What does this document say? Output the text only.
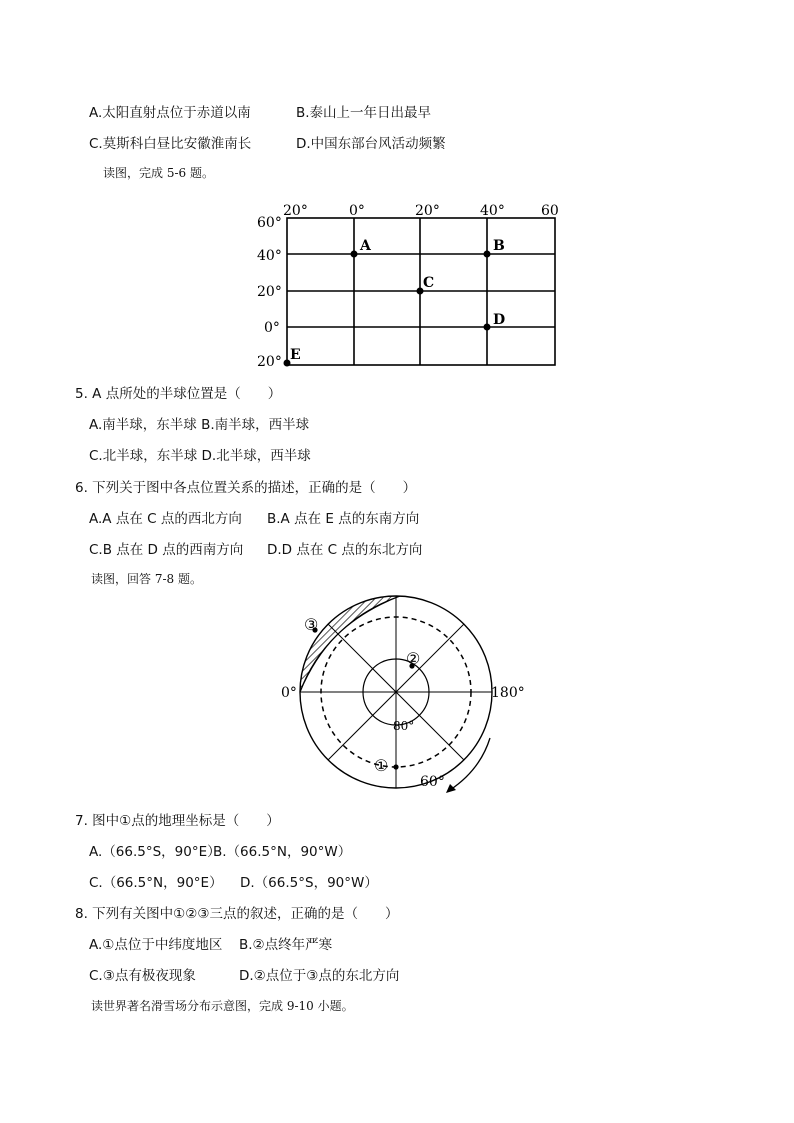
A.太阳直射点位于赤道以南	B.泰山上一年日出最早
C.莫斯科白昼比安徽淮南长	D.中国东部台风活动频繁
读图，完成 5-6 题。
20°	0°	20°	40°	60
60°
40°
20°
0°
20°
A	B
C
D
E
5. A 点所处的半球位置是（　　）
A.南半球，东半球 B.南半球，西半球
C.北半球，东半球 D.北半球，西半球
6. 下列关于图中各点位置关系的描述，正确的是（　　）
A.A 点在 C 点的西北方向 B.A 点在 E 点的东南方向
C.B 点在 D 点的西南方向 D.D 点在 C 点的东北方向
读图，回答 7-8 题。
0°	180°
80°
60°
①
②
③
7. 图中①点的地理坐标是（　　）
A.（66.5°S，90°E）
B.（66.5°N，90°W）
C.（66.5°N，90°E） D.（66.5°S，90°W）
8. 下列有关图中①②③三点的叙述，正确的是（　　）
A.①点位于中纬度地区 B.②点终年严寒
C.③点有极夜现象	D.②点位于③点的东北方向
读世界著名滑雪场分布示意图，完成 9-10 小题。
